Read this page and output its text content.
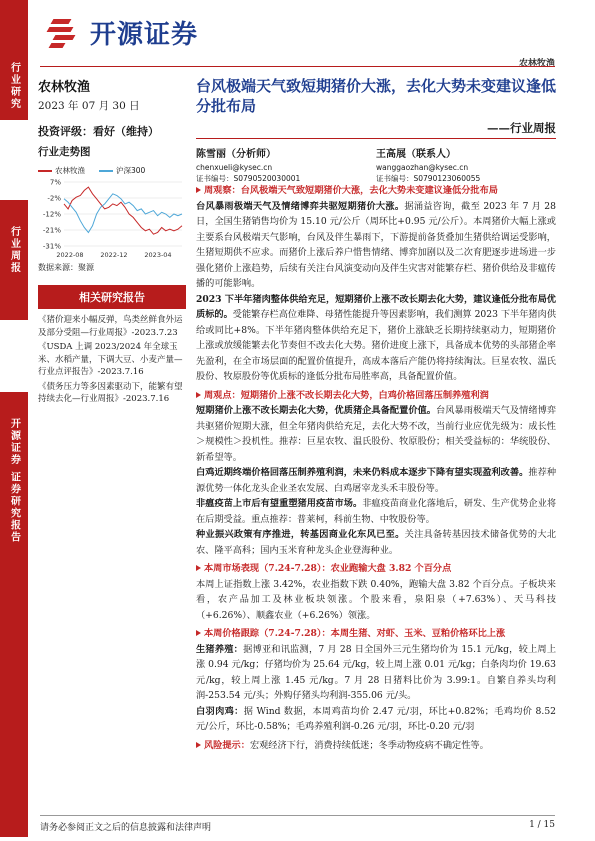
行业研究
行业周报
开源证券 证券研究报告
开源证券
农林牧渔
农林牧渔
2023 年 07 月 30 日
投资评级：看好（维持）
行业走势图
农林牧渔	沪深300
7%
-2%
-12%
-21%
-31%
2022-08	2022-12	2023-04
数据来源：聚源
相关研究报告
《猪价迎来小幅反弹，鸟类丝鲜食外运及部分受阻—行业周报》-2023.7.23
《USDA 上调 2023/2024 年全球玉米、水稻产量，下调大豆、小麦产量—行业点评报告》-2023.7.16
《债务压力等多因素驱动下，能繁有望持续去化—行业周报》-2023.7.16
台风极端天气致短期猪价大涨，去化大势未变建议逢低分批布局
——行业周报
陈雪丽（分析师）
chenxueli@kysec.cn
证书编号：S0790520030001
王高展（联系人）
wanggaozhan@kysec.cn
证书编号：S0790123060055
周观察：台风极端天气致短期猪价大涨，去化大势未变建议逢低分批布局

台风暴雨极端天气及情绪博弈共驱短期猪价大涨。据涌益咨询，截至 2023 年 7 月 28 日，全国生猪销售均价为 15.10 元/公斤（周环比+0.95 元/公斤）。本周猪价大幅上涨或主要系台风极端天气影响，台风及伴生暴雨下，下游提前备货叠加生猪供给调运受影响，生猪短期供不应求。而猪价上涨后养户惜售情绪、博弈加剧以及二次育肥逐步进场进一步强化猪价上涨趋势，后续有关注台风演变动向及伴生灾害对能繁存栏、猪价供给及非瘟传播的可能影响。

2023 下半年猪肉整体供给充足，短期猪价上涨不改长期去化大势，建议逢低分批布局优质标的。受能繁存栏高位难降、母猪性能提升等因素影响，我们测算 2023 下半年猪肉供给或同比+8%。下半年猪肉整体供给充足下，猪价上涨缺乏长期持续驱动力，短期猪价上涨或放缓能繁去化节奏但不改去化大势。猪价进度上涨下，具备成本优势的头部猪企率先盈利，在全市场层面的配置价值提升，高成本落后产能仍将持续淘汰。巨星农牧、温氏股份、牧原股份等优质标的逢低分批布局胜率高，具备配置价值。

周观点：短期猪价上涨不改长期去化大势，白鸡价格回落压制养殖利润

短期猪价上涨不改长期去化大势，优质猪企具备配置价值。台风暴雨极端天气及情绪博弈共驱猪价短期大涨，但全年猪肉供给充足，去化大势不改，当前行业应优先级为：成长性＞规模性＞投机性。推荐：巨星农牧、温氏股份、牧原股份；相关受益标的：华统股份、新希望等。

白鸡近期终端价格回落压制养殖利润，未来仍料成本逐步下降有望实现盈利改善。推荐种源优势一体化龙头企业圣农发展、白鸡屠宰龙头禾丰股份等。

非瘟疫苗上市后有望重塑猪用疫苗市场。非瘟疫苗商业化落地后，研发、生产优势企业将在后期受益。重点推荐：普莱柯，科前生物、中牧股份等。

种业振兴政策有序推进，转基因商业化东风已至。关注具备转基因技术储备优势的大北农、隆平高科；国内玉米育种龙头企业登海种业。

本周市场表现（7.24-7.28）：农业跑输大盘 3.82 个百分点

本周上证指数上涨 3.42%，农业指数下跌 0.40%，跑输大盘 3.82 个百分点。子板块来看，农产品加工及林业板块领涨。个股来看，泉阳泉（+7.63%）、天马科技（+6.26%）、顺鑫农业（+6.26%）领涨。

本周价格跟踪（7.24-7.28）：本周生猪、对虾、玉米、豆粕价格环比上涨

生猪养殖：据博亚和讯监测，7 月 28 日全国外三元生猪均价为 15.1 元/kg，较上周上涨 0.94 元/kg；仔猪均价为 25.64 元/kg，较上周上涨 0.01 元/kg；白条肉均价 19.63 元/kg，较上周上涨 1.45 元/kg。7 月 28 日猪料比价为 3.99:1。自繁自养头均利润-253.54 元/头；外购仔猪头均利润-355.06 元/头。

白羽肉鸡：据 Wind 数据，本周鸡苗均价 2.47 元/羽，环比+0.82%；毛鸡均价 8.52 元/公斤，环比-0.58%；毛鸡养殖利润-0.26 元/羽，环比-0.20 元/羽

风险提示： 宏观经济下行，消费持续低迷；冬季动物疫病不确定性等。
请务必参阅正文之后的信息披露和法律声明	1 / 15
